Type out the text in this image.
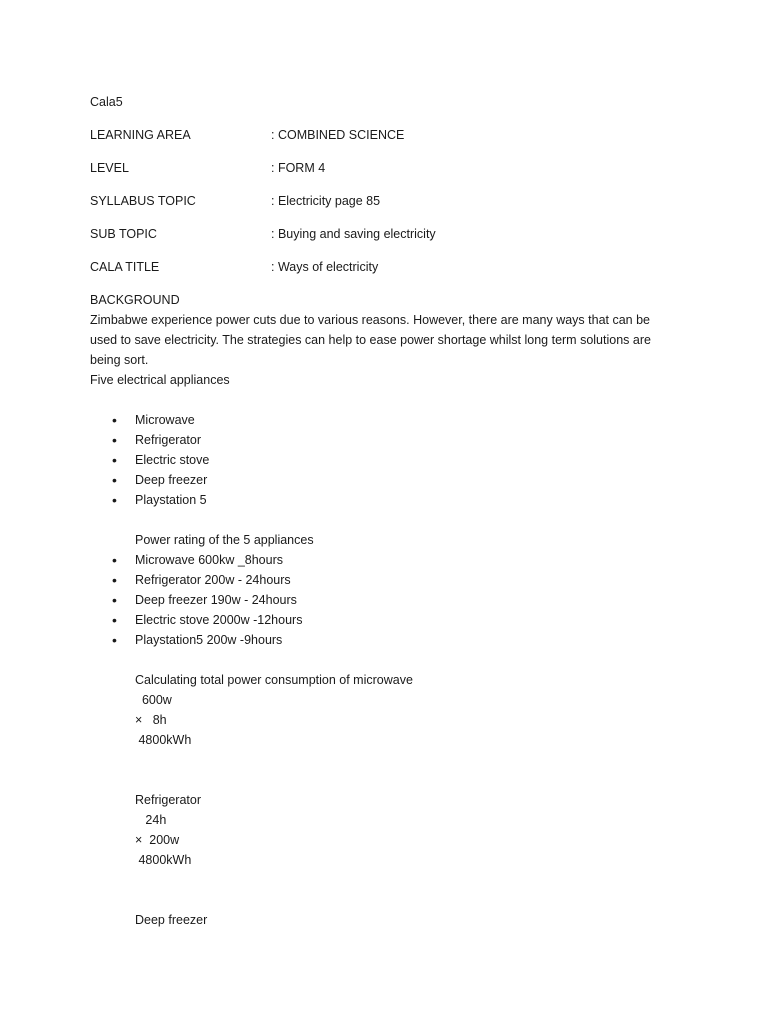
Cala5
LEARNING AREA	: COMBINED SCIENCE
LEVEL	: FORM 4
SYLLABUS TOPIC	: Electricity page 85
SUB TOPIC	: Buying and saving electricity
CALA TITLE	: Ways of electricity
BACKGROUND
Zimbabwe experience power cuts due to various reasons. However, there are many ways that can be used to save electricity. The strategies can help to ease power shortage whilst long term solutions are being sort.
Five electrical appliances
• Microwave
• Refrigerator
• Electric stove
• Deep freezer
• Playstation 5
Power rating of the 5 appliances
• Microwave 600kw _8hours
• Refrigerator 200w - 24hours
• Deep freezer 190w - 24hours
• Electric stove 2000w -12hours
• Playstation5 200w -9hours
Calculating total power consumption of microwave
600w
×   8h
4800kWh
Refrigerator
24h
×  200w
4800kWh
Deep freezer
